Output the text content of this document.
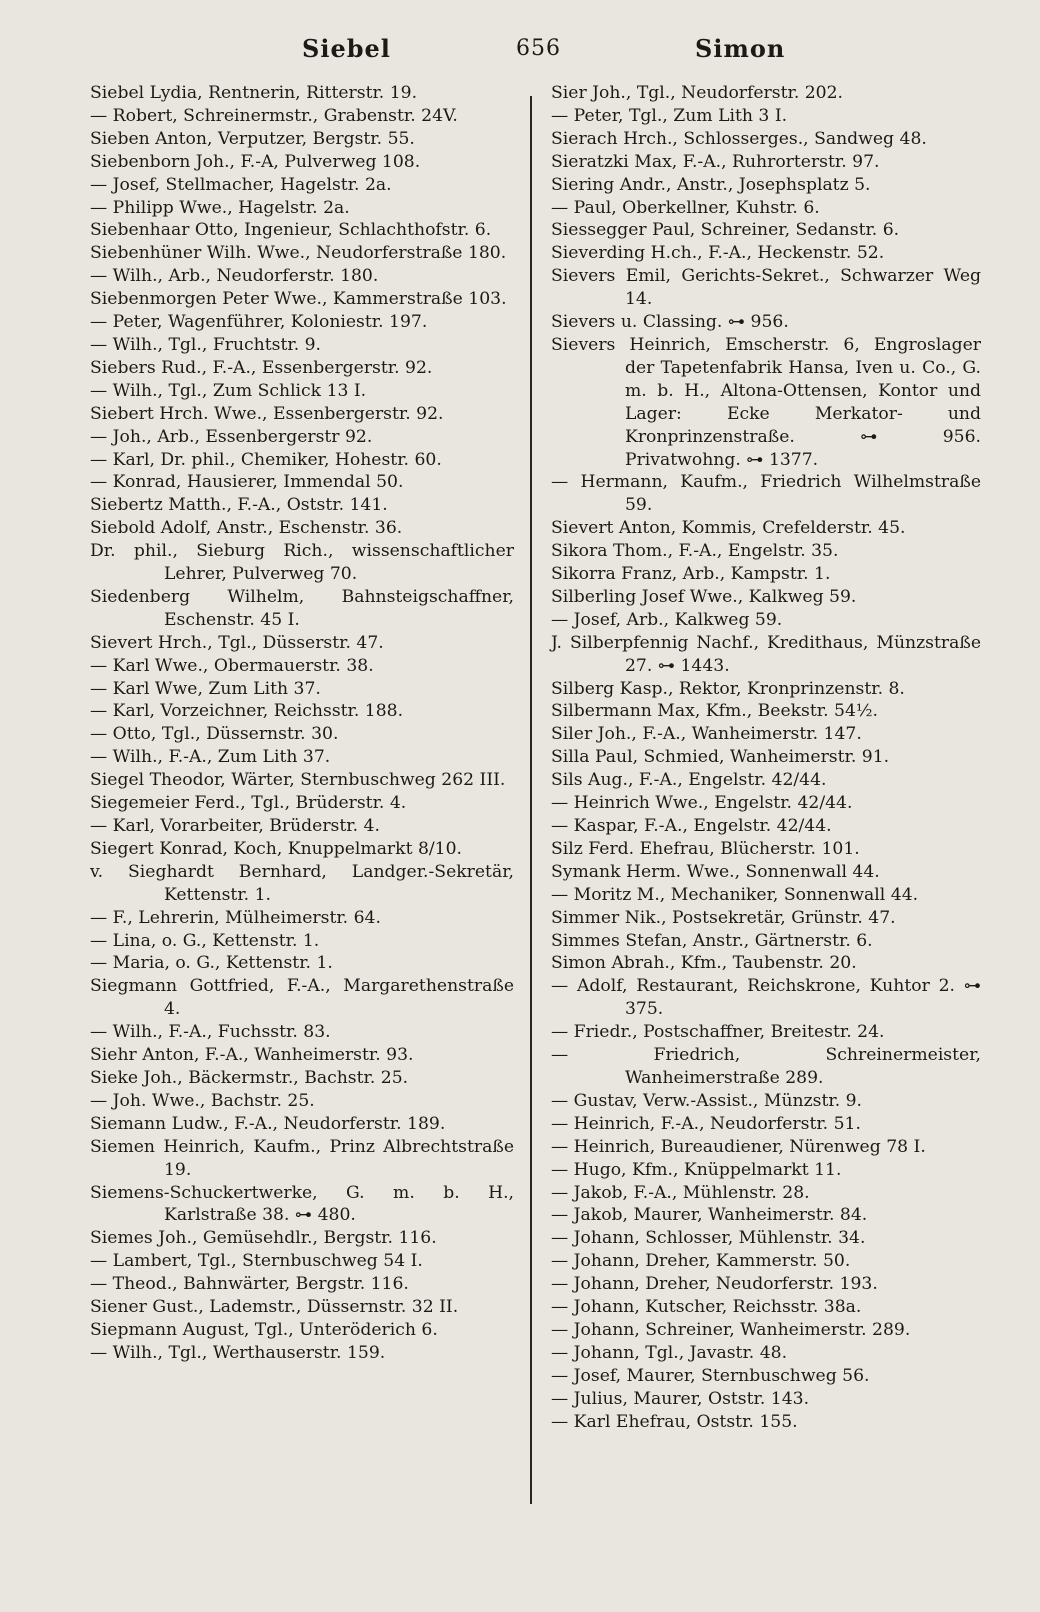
Siebel	656	Simon
Siebel Lydia, Rentnerin, Ritterstr. 19.
— Robert, Schreinermstr., Grabenstr. 24V.
Sieben Anton, Verputzer, Bergstr. 55.
Siebenborn Joh., F.-A, Pulverweg 108.
— Josef, Stellmacher, Hagelstr. 2a.
— Philipp Wwe., Hagelstr. 2a.
Siebenhaar Otto, Ingenieur, Schlachthofstr. 6.
Siebenhüner Wilh. Wwe., Neudorferstraße 180.
— Wilh., Arb., Neudorferstr. 180.
Siebenmorgen Peter Wwe., Kammerstraße 103.
— Peter, Wagenführer, Koloniestr. 197.
— Wilh., Tgl., Fruchtstr. 9.
Siebers Rud., F.-A., Essenbergerstr. 92.
— Wilh., Tgl., Zum Schlick 13 I.
Siebert Hrch. Wwe., Essenbergerstr. 92.
— Joh., Arb., Essenbergerstr 92.
— Karl, Dr. phil., Chemiker, Hohestr. 60.
— Konrad, Hausierer, Immendal 50.
Siebertz Matth., F.-A., Oststr. 141.
Siebold Adolf, Anstr., Eschenstr. 36.
Dr. phil., Sieburg Rich., wissenschaftlicher Lehrer, Pulverweg 70.
Siedenberg Wilhelm, Bahnsteigschaffner, Eschenstr. 45 I.
Sievert Hrch., Tgl., Düsserstr. 47.
— Karl Wwe., Obermauerstr. 38.
— Karl Wwe, Zum Lith 37.
— Karl, Vorzeichner, Reichsstr. 188.
— Otto, Tgl., Düssernstr. 30.
— Wilh., F.-A., Zum Lith 37.
Siegel Theodor, Wärter, Sternbuschweg 262 III.
Siegemeier Ferd., Tgl., Brüderstr. 4.
— Karl, Vorarbeiter, Brüderstr. 4.
Siegert Konrad, Koch, Knuppelmarkt 8/10.
v. Sieghardt Bernhard, Landger.-Sekretär, Kettenstr. 1.
— F., Lehrerin, Mülheimerstr. 64.
— Lina, o. G., Kettenstr. 1.
— Maria, o. G., Kettenstr. 1.
Siegmann Gottfried, F.-A., Margarethenstraße 4.
— Wilh., F.-A., Fuchsstr. 83.
Siehr Anton, F.-A., Wanheimerstr. 93.
Sieke Joh., Bäckermstr., Bachstr. 25.
— Joh. Wwe., Bachstr. 25.
Siemann Ludw., F.-A., Neudorferstr. 189.
Siemen Heinrich, Kaufm., Prinz Albrechtstraße 19.
Siemens-Schuckertwerke, G. m. b. H., Karlstraße 38. ⊶ 480.
Siemes Joh., Gemüsehdlr., Bergstr. 116.
— Lambert, Tgl., Sternbuschweg 54 I.
— Theod., Bahnwärter, Bergstr. 116.
Siener Gust., Lademstr., Düssernstr. 32 II.
Siepmann August, Tgl., Unteröderich 6.
— Wilh., Tgl., Werthauserstr. 159.
Sier Joh., Tgl., Neudorferstr. 202.
— Peter, Tgl., Zum Lith 3 I.
Sierach Hrch., Schlosserges., Sandweg 48.
Sieratzki Max, F.-A., Ruhrorterstr. 97.
Siering Andr., Anstr., Josephsplatz 5.
— Paul, Oberkellner, Kuhstr. 6.
Siessegger Paul, Schreiner, Sedanstr. 6.
Sieverding H.ch., F.-A., Heckenstr. 52.
Sievers Emil, Gerichts-Sekret., Schwarzer Weg 14.
Sievers u. Classing. ⊶ 956.
Sievers Heinrich, Emscherstr. 6, Engroslager der Tapetenfabrik Hansa, Iven u. Co., G. m. b. H., Altona-Ottensen, Kontor und Lager: Ecke Merkator- und Kronprinzenstraße.	⊶	956. Privatwohng. ⊶ 1377.
— Hermann, Kaufm., Friedrich Wilhelmstraße 59.
Sievert Anton, Kommis, Crefelderstr. 45.
Sikora Thom., F.-A., Engelstr. 35.
Sikorra Franz, Arb., Kampstr. 1.
Silberling Josef Wwe., Kalkweg 59.
— Josef, Arb., Kalkweg 59.
J. Silberpfennig Nachf., Kredithaus, Münzstraße 27. ⊶ 1443.
Silberg Kasp., Rektor, Kronprinzenstr. 8.
Silbermann Max, Kfm., Beekstr. 54½.
Siler Joh., F.-A., Wanheimerstr. 147.
Silla Paul, Schmied, Wanheimerstr. 91.
Sils Aug., F.-A., Engelstr. 42/44.
— Heinrich Wwe., Engelstr. 42/44.
— Kaspar, F.-A., Engelstr. 42/44.
Silz Ferd. Ehefrau, Blücherstr. 101.
Symank Herm. Wwe., Sonnenwall 44.
— Moritz M., Mechaniker, Sonnenwall 44.
Simmer Nik., Postsekretär, Grünstr. 47.
Simmes Stefan, Anstr., Gärtnerstr. 6.
Simon Abrah., Kfm., Taubenstr. 20.
— Adolf, Restaurant, Reichskrone, Kuhtor 2. ⊶ 375.
— Friedr., Postschaffner, Breitestr. 24.
— Friedrich, Schreinermeister, Wanheimerstraße 289.
— Gustav, Verw.-Assist., Münzstr. 9.
— Heinrich, F.-A., Neudorferstr. 51.
— Heinrich, Bureaudiener, Nürenweg 78 I.
— Hugo, Kfm., Knüppelmarkt 11.
— Jakob, F.-A., Mühlenstr. 28.
— Jakob, Maurer, Wanheimerstr. 84.
— Johann, Schlosser, Mühlenstr. 34.
— Johann, Dreher, Kammerstr. 50.
— Johann, Dreher, Neudorferstr. 193.
— Johann, Kutscher, Reichsstr. 38a.
— Johann, Schreiner, Wanheimerstr. 289.
— Johann, Tgl., Javastr. 48.
— Josef, Maurer, Sternbuschweg 56.
— Julius, Maurer, Oststr. 143.
— Karl Ehefrau, Oststr. 155.
